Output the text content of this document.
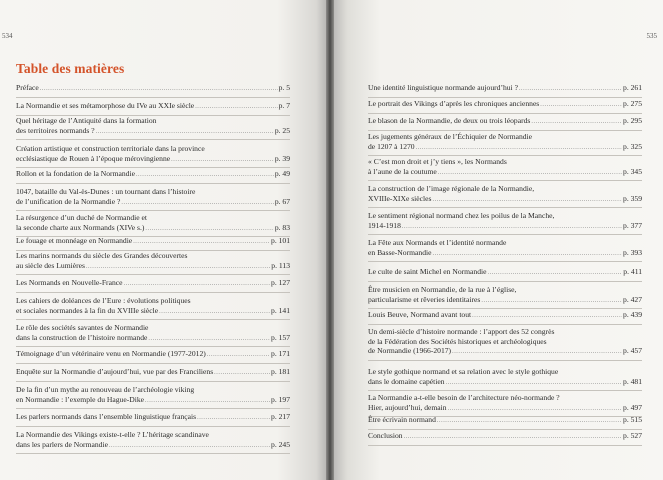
534
Table des matières
Préface .....	p. 5
La Normandie et ses métamorphose du IVe au XXIe siècle .....	p. 7
Quel héritage de l’Antiquité dans la formation
des territoires normands ? .....	p. 25
Création artistique et construction territoriale dans la province
ecclésiastique de Rouen à l’époque mérovingienne .....	p. 39
Rollon et la fondation de la Normandie .....	p. 49
1047, bataille du Val-ès-Dunes : un tournant dans l’histoire
de l’unification de la Normandie ? .....	p. 67
La résurgence d’un duché de Normandie et
la seconde charte aux Normands (XIVe s.) .....	p. 83
Le fouage et monnéage en Normandie .....	p. 101
Les marins normands du siècle des Grandes découvertes
au siècle des Lumières .....	p. 113
Les Normands en Nouvelle-France .....	p. 127
Les cahiers de doléances de l’Eure : évolutions politiques
et sociales normandes à la fin du XVIIIe siècle .....	p. 141
Le rôle des sociétés savantes de Normandie
dans la construction de l’histoire normande .....	p. 157
Témoignage d’un vétérinaire venu en Normandie (1977-2012) .....	p. 171
Enquête sur la Normandie d’aujourd’hui, vue par des Franciliens .....	p. 181
De la fin d’un mythe au renouveau de l’archéologie viking
en Normandie : l’exemple du Hague-Dike .....	p. 197
Les parlers normands dans l’ensemble linguistique français .....	p. 217
La Normandie des Vikings existe-t-elle ? L’héritage scandinave
dans les parlers de Normandie .....	p. 245
535
Une identité linguistique normande aujourd’hui ? .....	p. 261
Le portrait des Vikings d’après les chroniques anciennes .....	p. 275
Le blason de la Normandie, de deux ou trois léopards .....	p. 295
Les jugements généraux de l’Échiquier de Normandie
de 1207 à 1270 .....	p. 325
« C’est mon droit et j’y tiens », les Normands
à l’aune de la coutume .....	p. 345
La construction de l’image régionale de la Normandie,
XVIIIe-XIXe siècles .....	p. 359
Le sentiment régional normand chez les poilus de la Manche,
1914-1918 .....	p. 377
La Fête aux Normands et l’identité normande
en Basse-Normandie .....	p. 393
Le culte de saint Michel en Normandie .....	p. 411
Être musicien en Normandie, de la rue à l’église,
particularisme et rêveries identitaires .....	p. 427
Louis Beuve, Normand avant tout .....	p. 439
Un demi-siècle d’histoire normande : l’apport des 52 congrès
de la Fédération des Sociétés historiques et archéologiques
de Normandie (1966-2017) .....	p. 457
Le style gothique normand et sa relation avec le style gothique
dans le domaine capétien .....	p. 481
La Normandie a-t-elle besoin de l’architecture néo-normande ?
Hier, aujourd’hui, demain .....	p. 497
Être écrivain normand .....	p. 515
Conclusion .....	p. 527
